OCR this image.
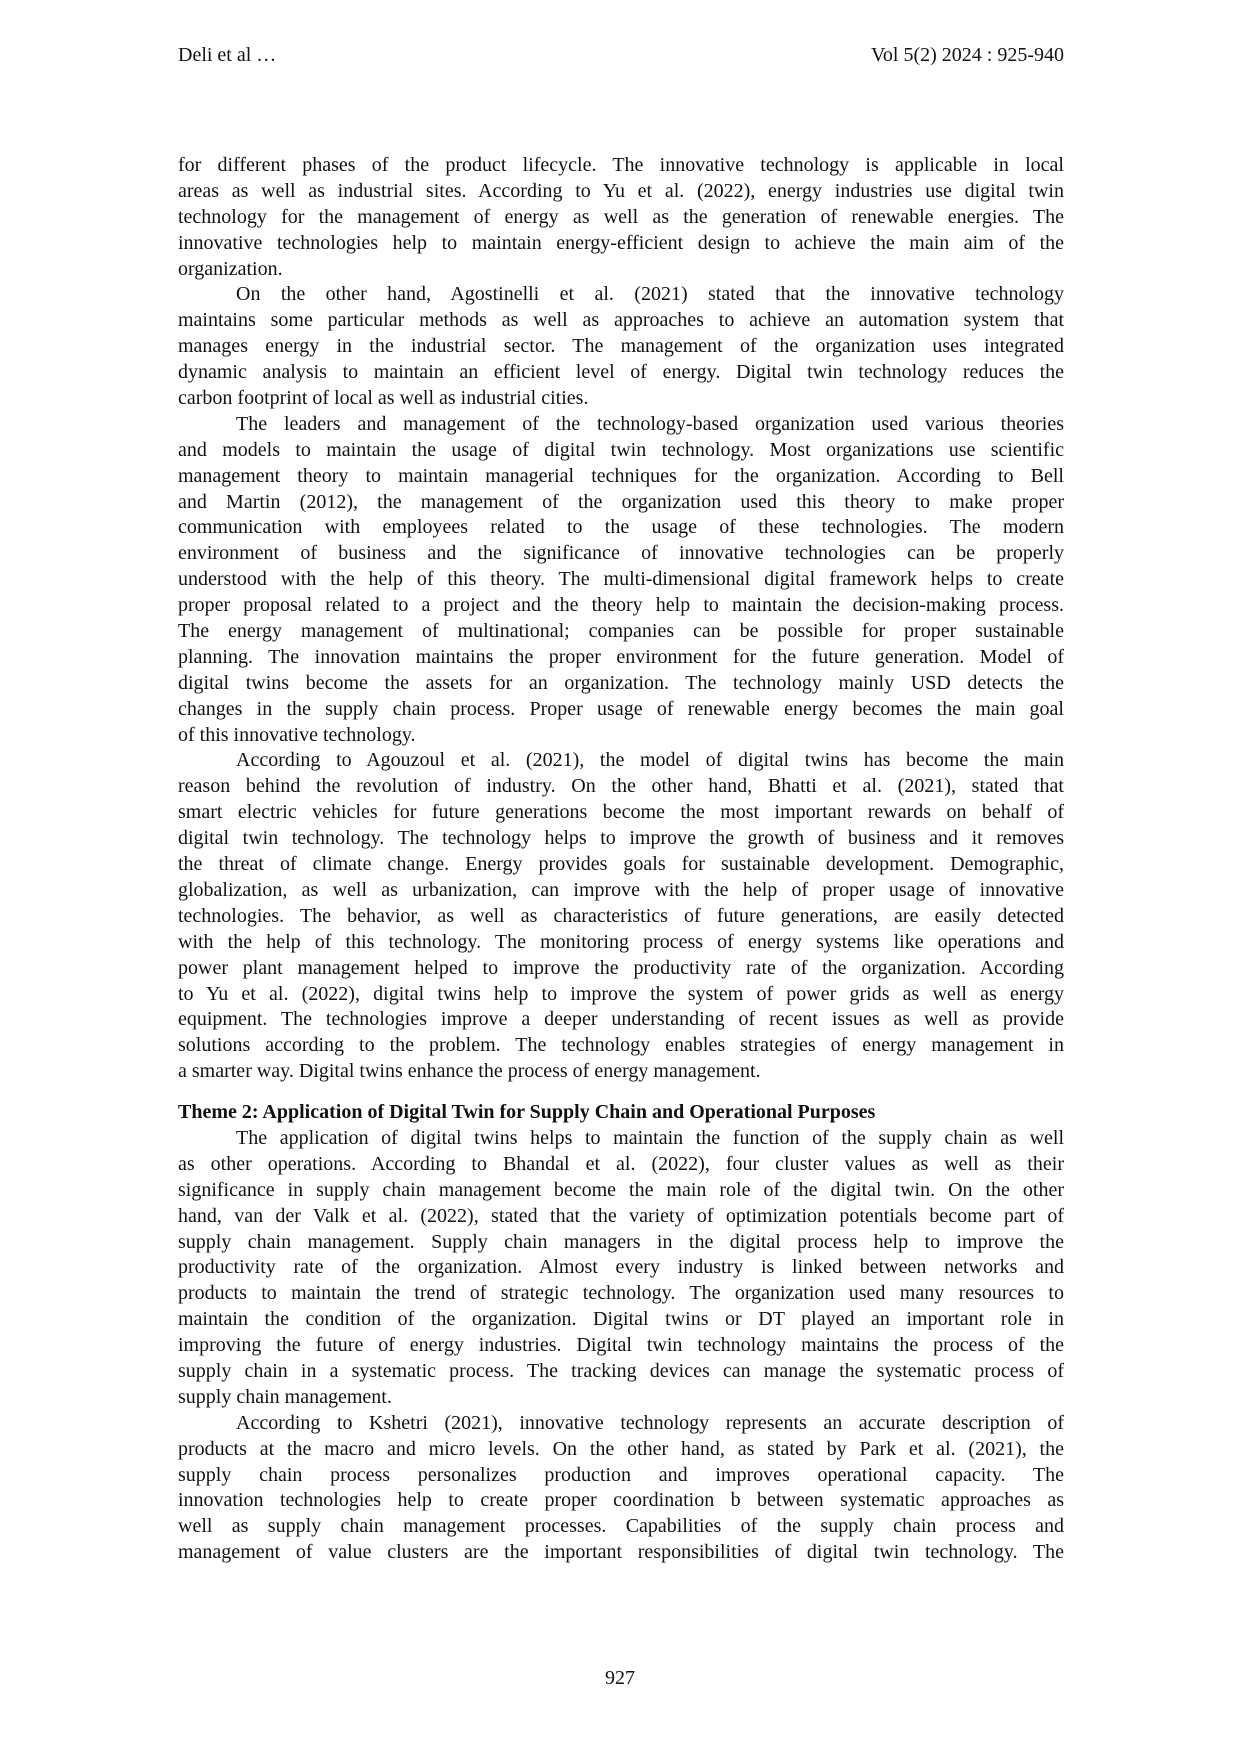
Deli et al …	Vol 5(2) 2024 : 925-940
for different phases of the product lifecycle. The innovative technology is applicable in local
areas as well as industrial sites. According to Yu et al. (2022), energy industries use digital twin
technology for the management of energy as well as the generation of renewable energies. The
innovative technologies help to maintain energy-efficient design to achieve the main aim of the
organization.
On the other hand, Agostinelli et al. (2021) stated that the innovative technology
maintains some particular methods as well as approaches to achieve an automation system that
manages energy in the industrial sector. The management of the organization uses integrated
dynamic analysis to maintain an efficient level of energy. Digital twin technology reduces the
carbon footprint of local as well as industrial cities.
The leaders and management of the technology-based organization used various theories
and models to maintain the usage of digital twin technology. Most organizations use scientific
management theory to maintain managerial techniques for the organization. According to Bell
and Martin (2012), the management of the organization used this theory to make proper
communication with employees related to the usage of these technologies. The modern
environment of business and the significance of innovative technologies can be properly
understood with the help of this theory. The multi-dimensional digital framework helps to create
proper proposal related to a project and the theory help to maintain the decision-making process.
The energy management of multinational; companies can be possible for proper sustainable
planning. The innovation maintains the proper environment for the future generation. Model of
digital twins become the assets for an organization. The technology mainly USD detects the
changes in the supply chain process. Proper usage of renewable energy becomes the main goal
of this innovative technology.
According to Agouzoul et al. (2021), the model of digital twins has become the main
reason behind the revolution of industry. On the other hand, Bhatti et al. (2021), stated that
smart electric vehicles for future generations become the most important rewards on behalf of
digital twin technology. The technology helps to improve the growth of business and it removes
the threat of climate change. Energy provides goals for sustainable development. Demographic,
globalization, as well as urbanization, can improve with the help of proper usage of innovative
technologies. The behavior, as well as characteristics of future generations, are easily detected
with the help of this technology. The monitoring process of energy systems like operations and
power plant management helped to improve the productivity rate of the organization. According
to Yu et al. (2022), digital twins help to improve the system of power grids as well as energy
equipment. The technologies improve a deeper understanding of recent issues as well as provide
solutions according to the problem. The technology enables strategies of energy management in
a smarter way. Digital twins enhance the process of energy management.
Theme 2: Application of Digital Twin for Supply Chain and Operational Purposes
The application of digital twins helps to maintain the function of the supply chain as well
as other operations. According to Bhandal et al. (2022), four cluster values as well as their
significance in supply chain management become the main role of the digital twin. On the other
hand, van der Valk et al. (2022), stated that the variety of optimization potentials become part of
supply chain management. Supply chain managers in the digital process help to improve the
productivity rate of the organization. Almost every industry is linked between networks and
products to maintain the trend of strategic technology. The organization used many resources to
maintain the condition of the organization. Digital twins or DT played an important role in
improving the future of energy industries. Digital twin technology maintains the process of the
supply chain in a systematic process. The tracking devices can manage the systematic process of
supply chain management.
According to Kshetri (2021), innovative technology represents an accurate description of
products at the macro and micro levels. On the other hand, as stated by Park et al. (2021), the
supply chain process personalizes production and improves operational capacity. The
innovation technologies help to create proper coordination b between systematic approaches as
well as supply chain management processes. Capabilities of the supply chain process and
management of value clusters are the important responsibilities of digital twin technology. The
927
